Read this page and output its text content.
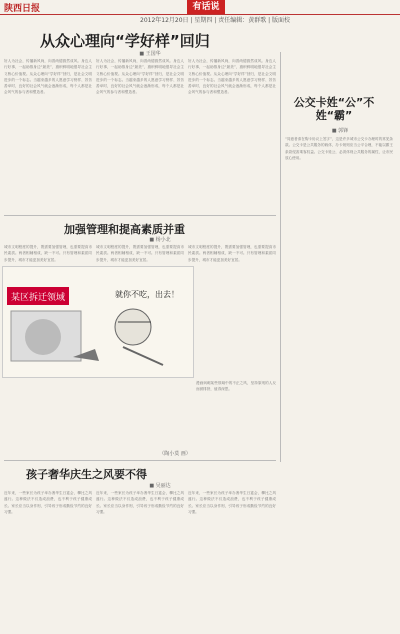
陕西日报	有话说
2012年12月20日 | 星期四 | 责任编辑：黄群歌 | 版面校
从众心理向“学好样”回归
■ 王国华
好人为社会，传播新风尚，向善尚德蔚然成风。身边人行好事，一起助推身边“最美”，旗帜鲜明地倡导社会主义核心价值观。从众心理向“学好样”回归，是社会文明进步的一个标志。当越来越多的人愿意学习榜样、效仿善举时，良好的社会风气就会逐渐形成，每个人都是社会风气的参与者和塑造者。
好人为社会，传播新风尚，向善尚德蔚然成风。身边人行好事，一起助推身边“最美”，旗帜鲜明地倡导社会主义核心价值观。从众心理向“学好样”回归，是社会文明进步的一个标志。当越来越多的人愿意学习榜样、效仿善举时，良好的社会风气就会逐渐形成，每个人都是社会风气的参与者和塑造者。
好人为社会，传播新风尚，向善尚德蔚然成风。身边人行好事，一起助推身边“最美”，旗帜鲜明地倡导社会主义核心价值观。从众心理向“学好样”回归，是社会文明进步的一个标志。当越来越多的人愿意学习榜样、效仿善举时，良好的社会风气就会逐渐形成，每个人都是社会风气的参与者和塑造者。
公交卡姓“公”不姓“霸”
■ 郭锋
“同意者请在购卡协议上签字”，这是许多城市公交卡办理时的常见条款。公交卡是公共服务的载体，办卡规则应当公平合理，不能以霸王条款侵害乘客权益。公交卡姓公，必须体现公共服务的属性，让市民放心使用。
加强管理和提高素质并重
■ 杨小北
城市文明程度的提升，既需要加强管理，也需要提高市民素质。两者相辅相成，缺一不可。只有管理和素质同步提升，城市才能更加美好宜居。
城市文明程度的提升，既需要加强管理，也需要提高市民素质。两者相辅相成，缺一不可。只有管理和素质同步提升，城市才能更加美好宜居。
城市文明程度的提升，既需要加强管理，也需要提高市民素质。两者相辅相成，缺一不可。只有管理和素质同步提升，城市才能更加美好宜居。
某区拆迁领域	就你不吃，出去！
（陶小莫 画）
漫画讽刺某些领域中的不正之风，坚持原则的人反而被排挤，值得深思。
孩子奢华庆生之风要不得
■ 吴丽达
近年来，一些家长为孩子举办奢华生日宴会，攀比之风盛行。这种做法不仅造成浪费，也不利于孩子健康成长。家长应当以身作则，引导孩子形成勤俭节约的良好习惯。
近年来，一些家长为孩子举办奢华生日宴会，攀比之风盛行。这种做法不仅造成浪费，也不利于孩子健康成长。家长应当以身作则，引导孩子形成勤俭节约的良好习惯。
近年来，一些家长为孩子举办奢华生日宴会，攀比之风盛行。这种做法不仅造成浪费，也不利于孩子健康成长。家长应当以身作则，引导孩子形成勤俭节约的良好习惯。
